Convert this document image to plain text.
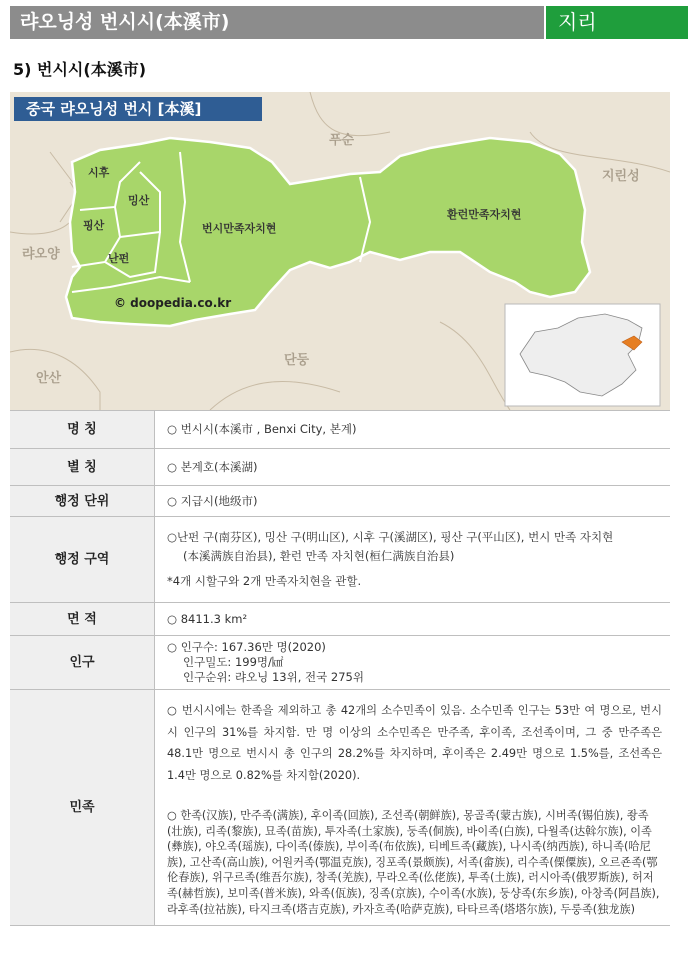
랴오닝성 번시시(本溪市)	지리
5) 번시시(本溪市)
중국 랴오닝성 번시 [本溪]
시후
밍산
핑산
난펀
번시만족자치현
환런만족자치현
푸순
지린성
랴오양
단둥
안산
© doopedia.co.kr
명 칭	○ 번시시(本溪市 , Benxi City, 본계)
별 칭	○ 본계호(本溪湖)
행정 단위	○ 지급시(地级市)
행정 구역	○난펀 구(南芬区), 밍산 구(明山区), 시후 구(溪湖区), 핑산 구(平山区), 번시 만족 자치현
(本溪满族自治县), 환런 만족 자치현(桓仁满族自治县)
*4개 시할구와 2개 만족자치현을 관할.

면 적	○ 8411.3 km²
인구	○ 인구수: 167.36만 명(2020)
인구밀도: 199명/㎢
인구순위: 랴오닝 13위, 전국 275위

민족	○ 번시시에는 한족을 제외하고 총 42개의 소수민족이 있음. 소수민족 인구는 53만 여 명으로, 번시시 인구의 31%를 차지함. 만 명 이상의 소수민족은 만주족, 후이족, 조선족이며, 그 중 만주족은 48.1만 명으로 번시시 총 인구의 28.2%를 차지하며, 후이족은 2.49만 명으로 1.5%를, 조선족은 1.4만 명으로 0.82%를 차지함(2020).
○ 한족(汉族), 만주족(满族), 후이족(回族), 조선족(朝鲜族), 몽골족(蒙古族), 시버족(锡伯族), 좡족(壮族), 리족(黎族), 묘족(苗族), 투자족(土家族), 둥족(侗族), 바이족(白族), 다월족(达斡尔族), 이족(彝族), 야오족(瑶族), 다이족(傣族), 부이족(布依族), 티베트족(藏族), 나시족(纳西族), 하니족(哈尼族), 고산족(高山族), 어원커족(鄂温克族), 징포족(景颇族), 서족(畲族), 리수족(傈僳族), 오르죤족(鄂伦春族), 위구르족(维吾尔族), 창족(羌族), 무라오족(仫佬族), 투족(土族), 러시아족(俄罗斯族), 허저족(赫哲族), 보미족(普米族), 와족(佤族), 징족(京族), 수이족(水族), 둥샹족(东乡族), 아창족(阿昌族), 라후족(拉祜族), 타지크족(塔吉克族), 카자흐족(哈萨克族), 타타르족(塔塔尔族), 두룽족(独龙族)
